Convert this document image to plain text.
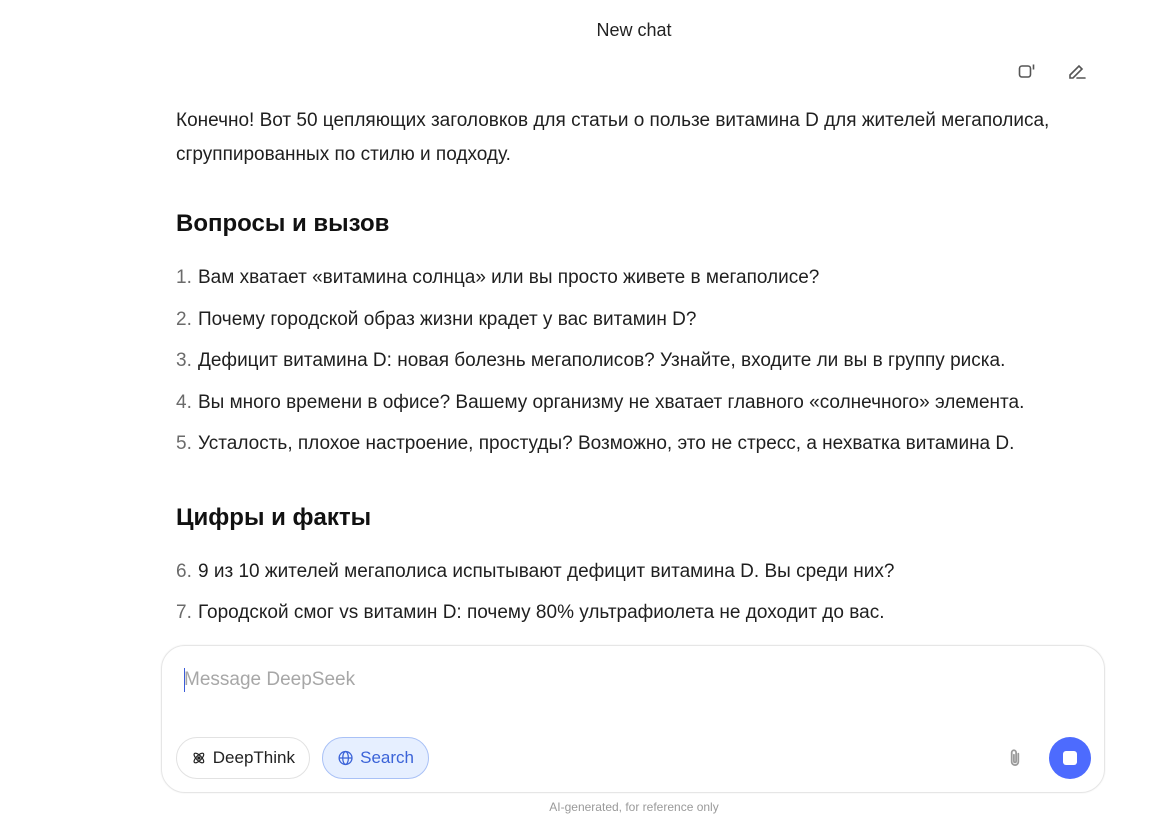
New chat

Конечно! Вот 50 цепляющих заголовков для статьи о пользе витамина D для жителей мегаполиса, сгруппированных по стилю и подходу.

Вопросы и вызов
1. Вам хватает «витамина солнца» или вы просто живете в мегаполисе?
2. Почему городской образ жизни крадет у вас витамин D?
3. Дефицит витамина D: новая болезнь мегаполисов? Узнайте, входите ли вы в группу риска.
4. Вы много времени в офисе? Вашему организму не хватает главного «солнечного» элемента.
5. Усталость, плохое настроение, простуды? Возможно, это не стресс, а нехватка витамина D.
Цифры и факты
6. 9 из 10 жителей мегаполиса испытывают дефицит витамина D. Вы среди них?
7. Городской смог vs витамин D: почему 80% ультрафиолета не доходит до вас.
Message DeepSeek
DeepThink	Search
AI-generated, for reference only
